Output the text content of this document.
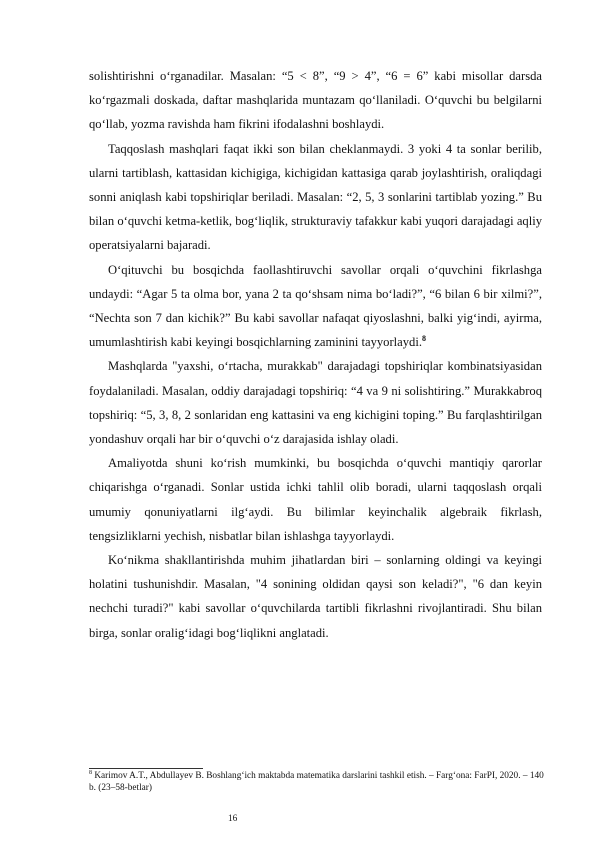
solishtirishni o‘rganadilar. Masalan: “5 < 8”, “9 > 4”, “6 = 6” kabi misollar darsda ko‘rgazmali doskada, daftar mashqlarida muntazam qo‘llaniladi. O‘quvchi bu belgilarni qo‘llab, yozma ravishda ham fikrini ifodalashni boshlaydi.

Taqqoslash mashqlari faqat ikki son bilan cheklanmaydi. 3 yoki 4 ta sonlar berilib, ularni tartiblash, kattasidan kichigiga, kichigidan kattasiga qarab joylashtirish, oraliqdagi sonni aniqlash kabi topshiriqlar beriladi. Masalan: “2, 5, 3 sonlarini tartiblab yozing.” Bu bilan o‘quvchi ketma-ketlik, bog‘liqlik, strukturaviy tafakkur kabi yuqori darajadagi aqliy operatsiyalarni bajaradi.

O‘qituvchi bu bosqichda faollashtiruvchi savollar orqali o‘quvchini fikrlashga undaydi: “Agar 5 ta olma bor, yana 2 ta qo‘shsam nima bo‘ladi?”, “6 bilan 6 bir xilmi?”, “Nechta son 7 dan kichik?” Bu kabi savollar nafaqat qiyoslashni, balki yig‘indi, ayirma, umumlashtirish kabi keyingi bosqichlarning zaminini tayyorlaydi.$^8$

Mashqlarda "yaxshi, o‘rtacha, murakkab" darajadagi topshiriqlar kombinatsiyasidan foydalaniladi. Masalan, oddiy darajadagi topshiriq: “4 va 9 ni solishtiring.” Murakkabroq topshiriq: “5, 3, 8, 2 sonlaridan eng kattasini va eng kichigini toping.” Bu farqlashtirilgan yondashuv orqali har bir o‘quvchi o‘z darajasida ishlay oladi.

Amaliyotda shuni ko‘rish mumkinki, bu bosqichda o‘quvchi mantiqiy qarorlar chiqarishga o‘rganadi. Sonlar ustida ichki tahlil olib boradi, ularni taqqoslash orqali umumiy qonuniyatlarni ilg‘aydi. Bu bilimlar keyinchalik algebraik fikrlash, tengsizliklarni yechish, nisbatlar bilan ishlashga tayyorlaydi.

Ko‘nikma shakllantirishda muhim jihatlardan biri – sonlarning oldingi va keyingi holatini tushunishdir. Masalan, "4 sonining oldidan qaysi son keladi?", "6 dan keyin nechchi turadi?" kabi savollar o‘quvchilarda tartibli fikrlashni rivojlantiradi. Shu bilan birga, sonlar oralig‘idagi bog‘liqlikni anglatadi.

$^8$ Karimov A.T., Abdullayev B. Boshlang‘ich maktabda matematika darslarini tashkil etish. – Farg‘ona: FarPI, 2020. – 140 b. (23–58-betlar)

16
